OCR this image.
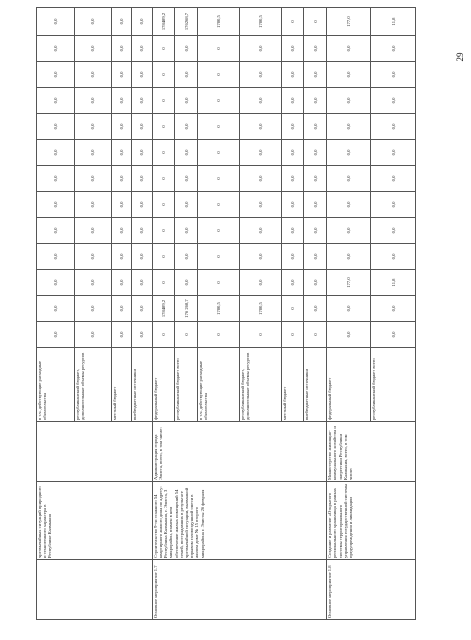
	чрезвычайных ситуаций природного и техногенного характера в Республике Калмыкия		в т.ч. действующие расходные обязательства	0,0	0,0	0,0	0,0	0,0	0,0	0,0	0,0	0,0	0,0	0,0	0,0	0,0
			республиканский бюджет, дополнительные объемы ресурсов	0,0	0,0	0,0	0,0	0,0	0,0	0,0	0,0	0,0	0,0	0,0	0,0	0,0
			местный бюджет	0,0	0,0	0,0	0,0	0,0	0,0	0,0	0,0	0,0	0,0	0,0	0,0	0,0
			внебюджетные источники	0,0	0,0	0,0	0,0	0,0	0,0	0,0	0,0	0,0	0,0	0,0	0,0	0,0
Основное мероприятие 1.7	Строительство 9-ти этажного 54 квартирного жилого дома по адресу: Республика Калмыкия, г. Элиста, 3 микрорайон, взамен в нем обеспечение жилых помещений 54 семей, пострадавших в результате чрезвычайной ситуации, вызванной взрывом газовоздушной смеси в жилом доме № 15 второго микрорайона г. Элисты 26 февраля	Администрация города Элиста, всего, в том числе:	федеральный бюджет	0	178489,2	0	0	0	0	0	0	0	0	0	0	178489,2
			республиканский бюджет всего	0	176 268,7	0,0	0,0	0,0	0,0	0,0	0,0	0,0	0,0	0,0	0,0	176268,7
			в т.ч. действующие расходные обязательства	0	1780,5	0	0	0	0	0	0	0	0	0	0	1780,5
			республиканский бюджет, дополнительные объемы ресурсов	0	1780,5	0,0	0,0	0,0	0,0	0,0	0,0	0,0	0,0	0,0	0,0	1780,5
			местный бюджет	0	0	0,0	0,0	0,0	0,0	0,0	0,0	0,0	0,0	0,0	0,0	0
			внебюджетные источники	0	0,0	0,0	0,0	0,0	0,0	0,0	0,0	0,0	0,0	0,0	0,0	0
Основное мероприятие 1.8	Создание и развитие «Открытого регионального хранилища в рамках системы территориального управления государственной системы предупреждения и ликвидации	Министерство жилищно-коммунального хозяйства и энергетики Республики Калмыкия, всего, в том числе:	федеральный бюджет	0,0	0,0	177,0	0,0	0,0	0,0	0,0	0,0	0,0	0,0	0,0	0,0	177,0
			республиканский бюджет всего	0,0	0,0	11,8	0,0	0,0	0,0	0,0	0,0	0,0	0,0	0,0	0,0	11,8
29
